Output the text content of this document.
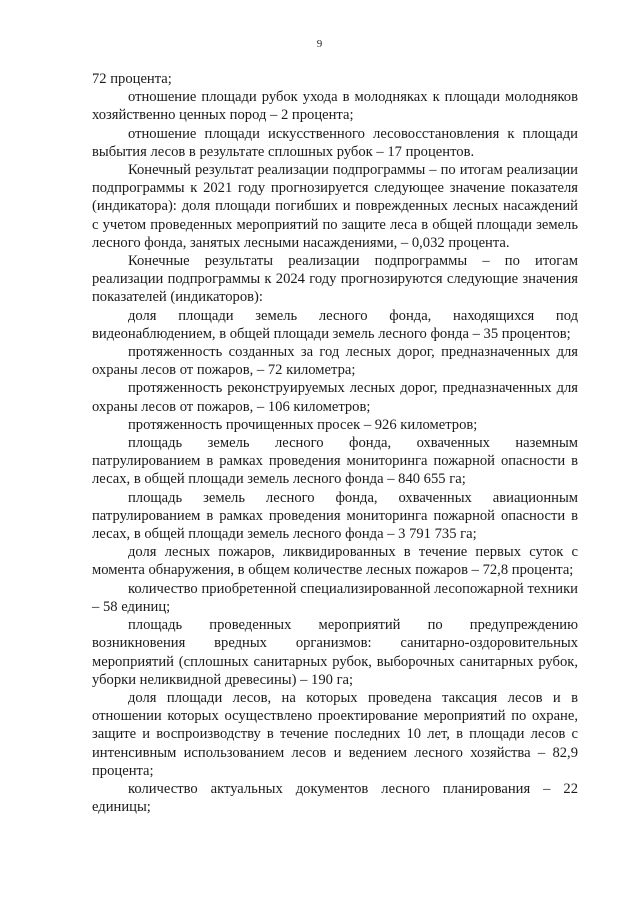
9

72 процента;

отношение площади рубок ухода в молодняках к площади молодняков хозяйственно ценных пород – 2 процента;

отношение площади искусственного лесовосстановления к площади выбытия лесов в результате сплошных рубок – 17 процентов.

Конечный результат реализации подпрограммы – по итогам реализации подпрограммы к 2021 году прогнозируется следующее значение показателя (индикатора): доля площади погибших и поврежденных лесных насаждений с учетом проведенных мероприятий по защите леса в общей площади земель лесного фонда, занятых лесными насаждениями, – 0,032 процента.

Конечные результаты реализации подпрограммы – по итогам реализации подпрограммы к 2024 году прогнозируются следующие значения показателей (индикаторов):

доля площади земель лесного фонда, находящихся под видеонаблюдением, в общей площади земель лесного фонда – 35 процентов;

протяженность созданных за год лесных дорог, предназначенных для охраны лесов от пожаров, – 72 километра;

протяженность реконструируемых лесных дорог, предназначенных для охраны лесов от пожаров, – 106 километров;

протяженность прочищенных просек – 926 километров;

площадь земель лесного фонда, охваченных наземным патрулированием в рамках проведения мониторинга пожарной опасности в лесах, в общей площади земель лесного фонда – 840 655 га;

площадь земель лесного фонда, охваченных авиационным патрулированием в рамках проведения мониторинга пожарной опасности в лесах, в общей площади земель лесного фонда – 3 791 735 га;

доля лесных пожаров, ликвидированных в течение первых суток с момента обнаружения, в общем количестве лесных пожаров – 72,8 процента;

количество приобретенной специализированной лесопожарной техники – 58 единиц;

площадь проведенных мероприятий по предупреждению возникновения вредных организмов: санитарно-оздоровительных мероприятий (сплошных санитарных рубок, выборочных санитарных рубок, уборки неликвидной древесины) – 190 га;

доля площади лесов, на которых проведена таксация лесов и в отношении которых осуществлено проектирование мероприятий по охране, защите и воспроизводству в течение последних 10 лет, в площади лесов с интенсивным использованием лесов и ведением лесного хозяйства – 82,9 процента;

количество актуальных документов лесного планирования – 22 единицы;
